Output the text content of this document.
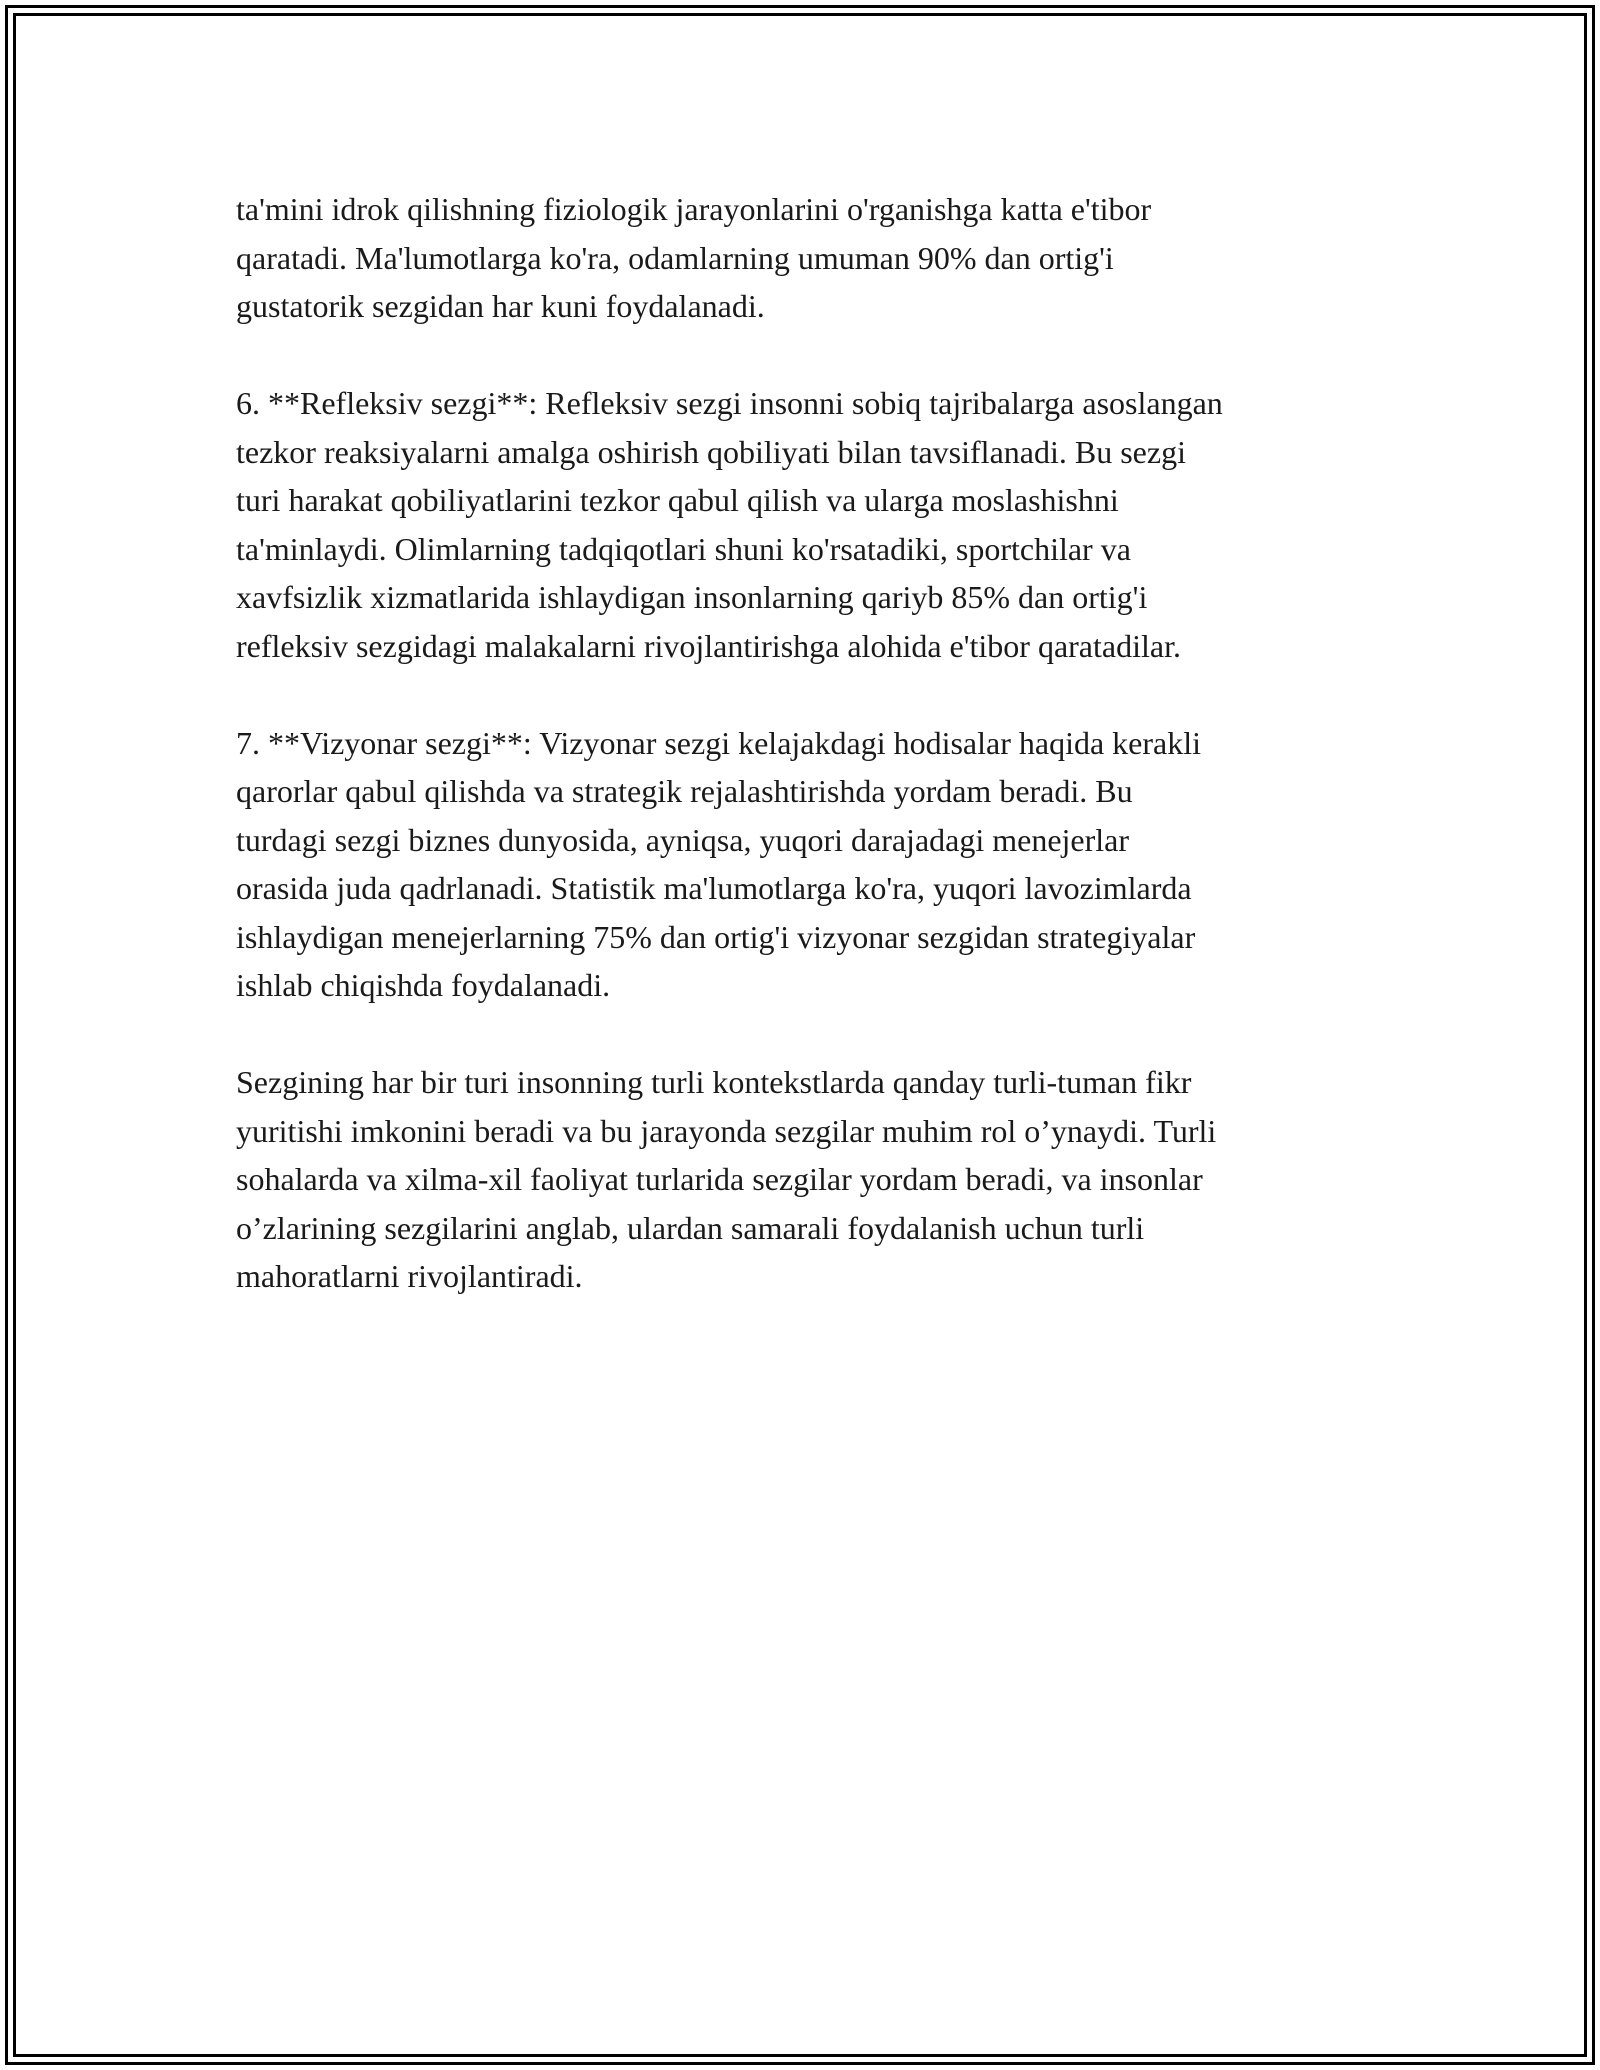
ta'mini idrok qilishning fiziologik jarayonlarini o'rganishga katta e'tibor
qaratadi. Ma'lumotlarga ko'ra, odamlarning umuman 90% dan ortig'i
gustatorik sezgidan har kuni foydalanadi.

6. **Refleksiv sezgi**: Refleksiv sezgi insonni sobiq tajribalarga asoslangan
tezkor reaksiyalarni amalga oshirish qobiliyati bilan tavsiflanadi. Bu sezgi
turi harakat qobiliyatlarini tezkor qabul qilish va ularga moslashishni
ta'minlaydi. Olimlarning tadqiqotlari shuni ko'rsatadiki, sportchilar va
xavfsizlik xizmatlarida ishlaydigan insonlarning qariyb 85% dan ortig'i
refleksiv sezgidagi malakalarni rivojlantirishga alohida e'tibor qaratadilar.

7. **Vizyonar sezgi**: Vizyonar sezgi kelajakdagi hodisalar haqida kerakli
qarorlar qabul qilishda va strategik rejalashtirishda yordam beradi. Bu
turdagi sezgi biznes dunyosida, ayniqsa, yuqori darajadagi menejerlar
orasida juda qadrlanadi. Statistik ma'lumotlarga ko'ra, yuqori lavozimlarda
ishlaydigan menejerlarning 75% dan ortig'i vizyonar sezgidan strategiyalar
ishlab chiqishda foydalanadi.

Sezgining har bir turi insonning turli kontekstlarda qanday turli-tuman fikr
yuritishi imkonini beradi va bu jarayonda sezgilar muhim rol o’ynaydi. Turli
sohalarda va xilma-xil faoliyat turlarida sezgilar yordam beradi, va insonlar
o’zlarining sezgilarini anglab, ulardan samarali foydalanish uchun turli
mahoratlarni rivojlantiradi.
